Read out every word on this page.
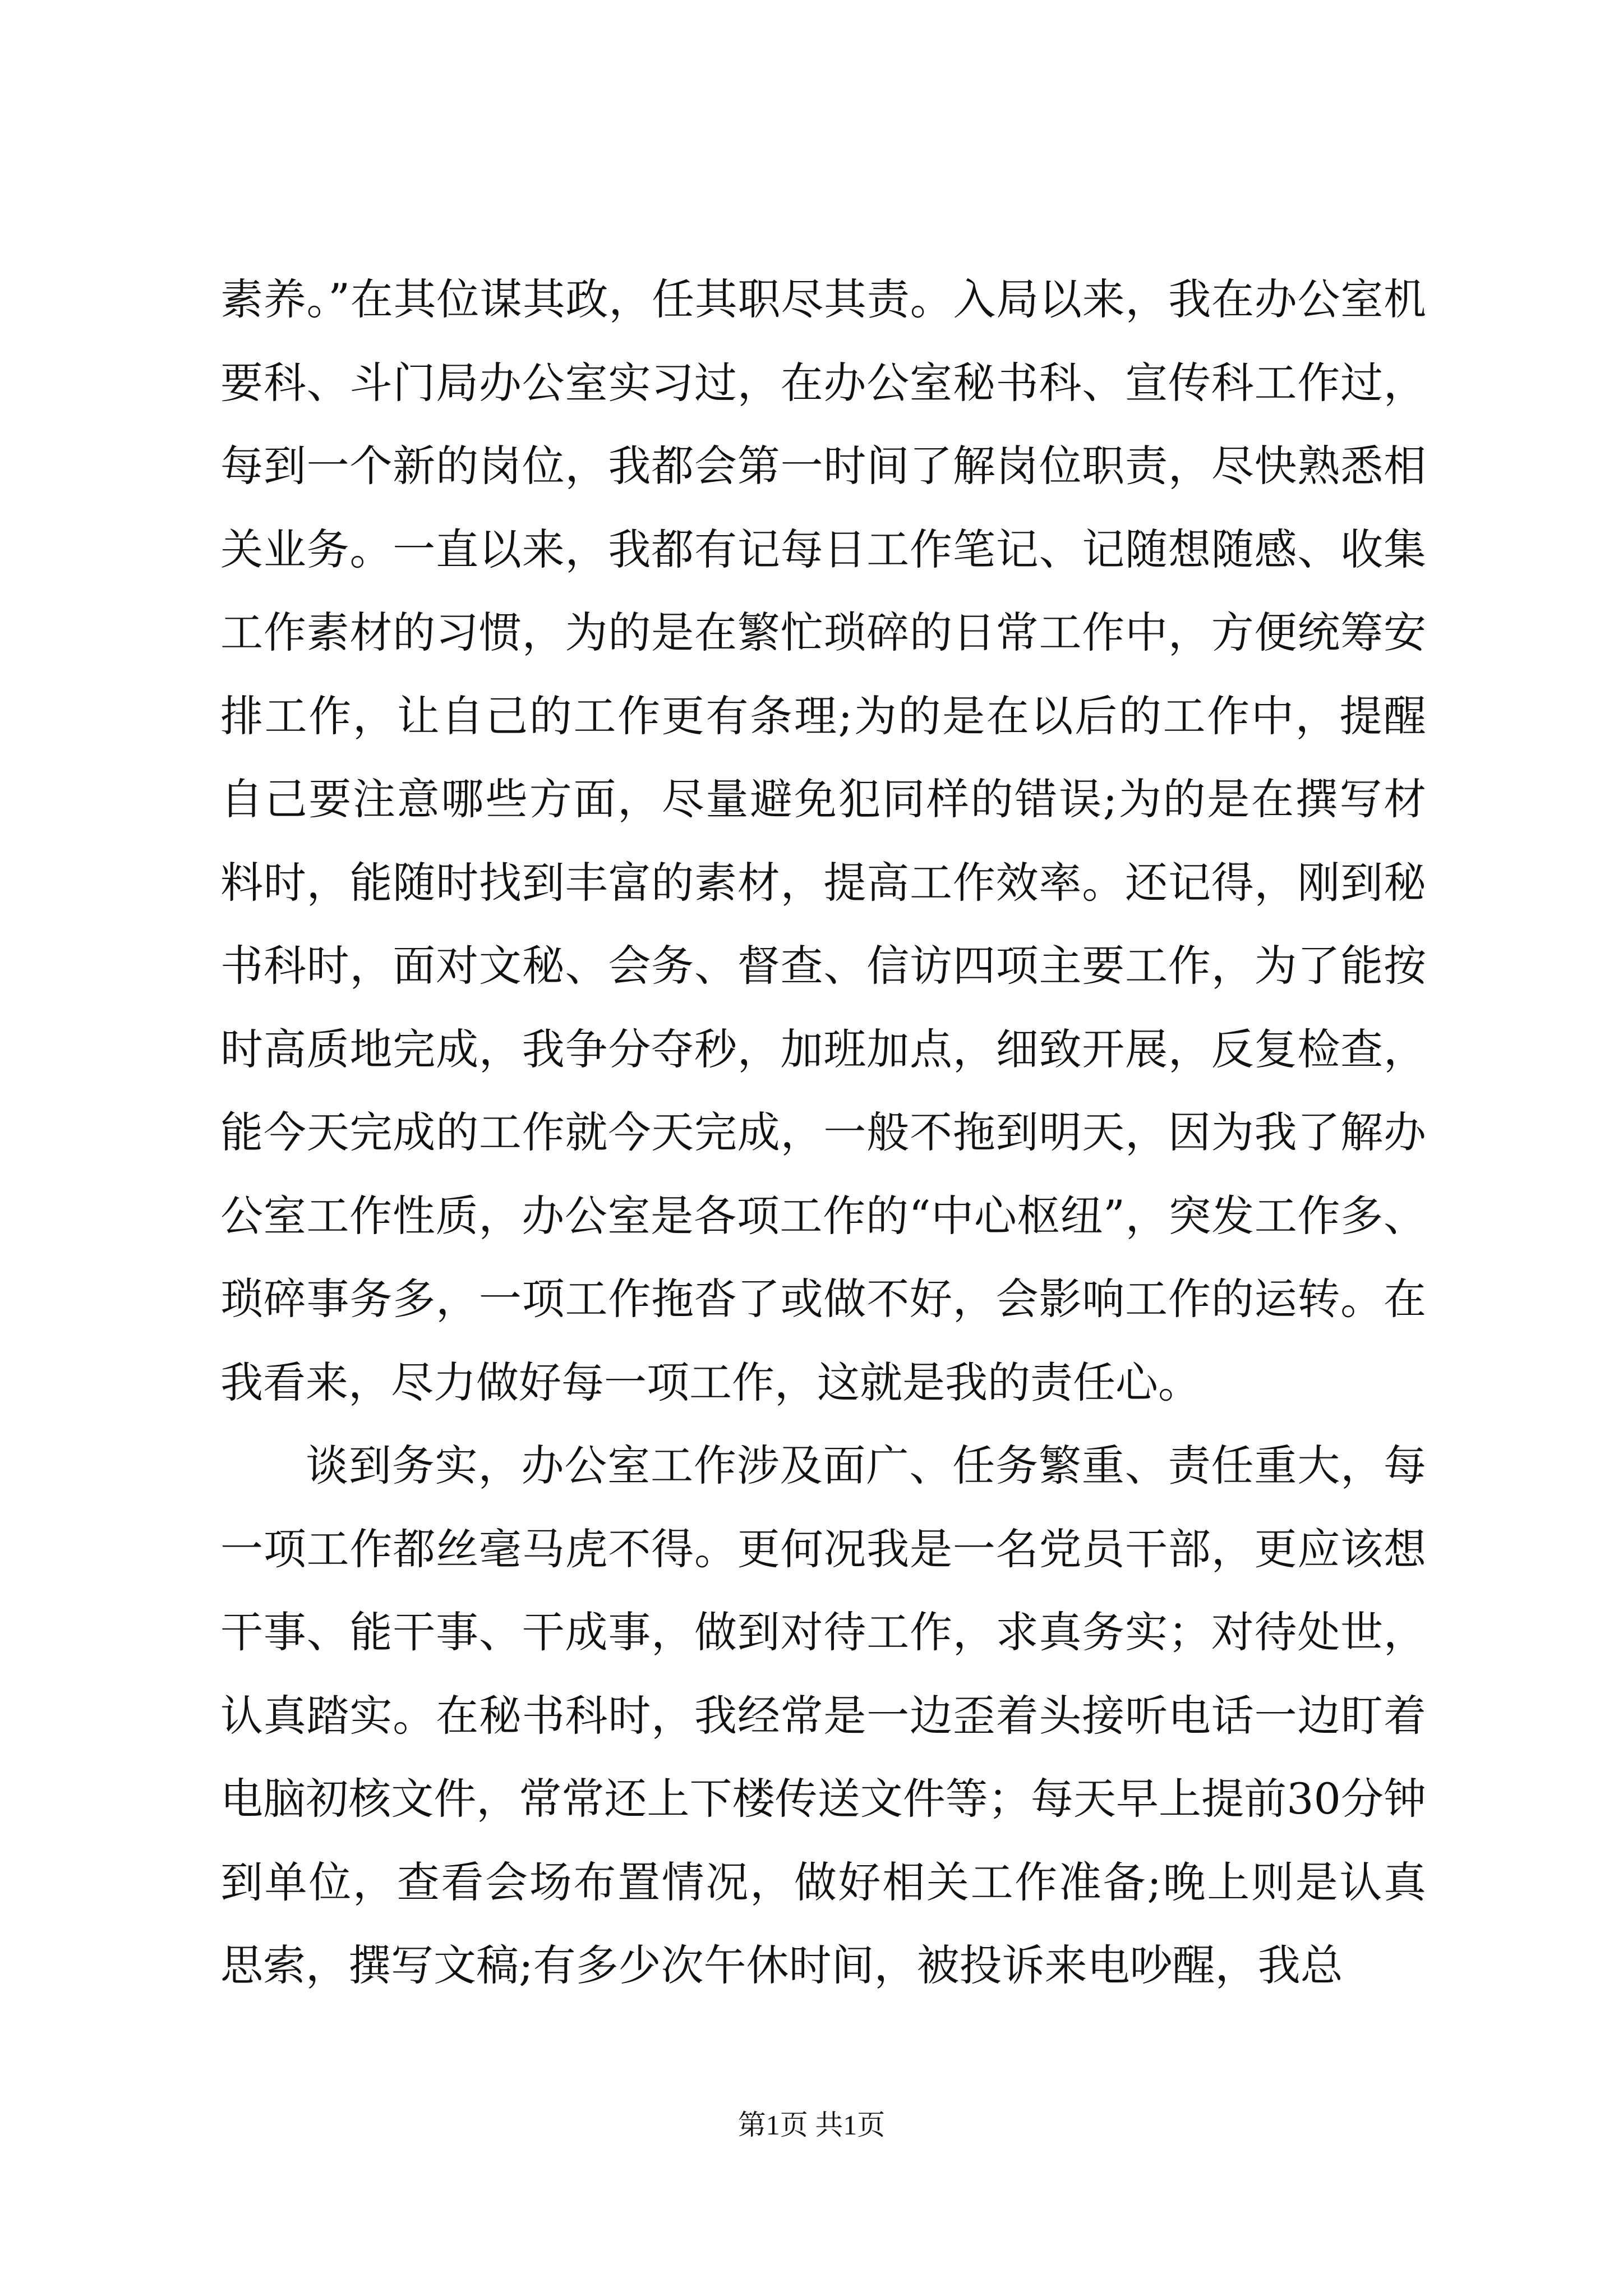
素养。”在其位谋其政，任其职尽其责。入局以来，我在办公室机要科、斗门局办公室实习过，在办公室秘书科、宣传科工作过，每到一个新的岗位，我都会第一时间了解岗位职责，尽快熟悉相关业务。一直以来，我都有记每日工作笔记、记随想随感、收集工作素材的习惯，为的是在繁忙琐碎的日常工作中，方便统筹安排工作，让自己的工作更有条理;为的是在以后的工作中，提醒自己要注意哪些方面，尽量避免犯同样的错误;为的是在撰写材料时，能随时找到丰富的素材，提高工作效率。还记得，刚到秘书科时，面对文秘、会务、督查、信访四项主要工作，为了能按时高质地完成，我争分夺秒，加班加点，细致开展，反复检查，能今天完成的工作就今天完成，一般不拖到明天，因为我了解办公室工作性质，办公室是各项工作的“中心枢纽”，突发工作多、琐碎事务多，一项工作拖沓了或做不好，会影响工作的运转。在我看来，尽力做好每一项工作，这就是我的责任心。

谈到务实，办公室工作涉及面广、任务繁重、责任重大，每一项工作都丝毫马虎不得。更何况我是一名党员干部，更应该想干事、能干事、干成事，做到对待工作，求真务实；对待处世，认真踏实。在秘书科时，我经常是一边歪着头接听电话一边盯着电脑初核文件，常常还上下楼传送文件等；每天早上提前30分钟到单位，查看会场布置情况，做好相关工作准备;晚上则是认真思索，撰写文稿;有多少次午休时间，被投诉来电吵醒，我总

第1页 共1页
